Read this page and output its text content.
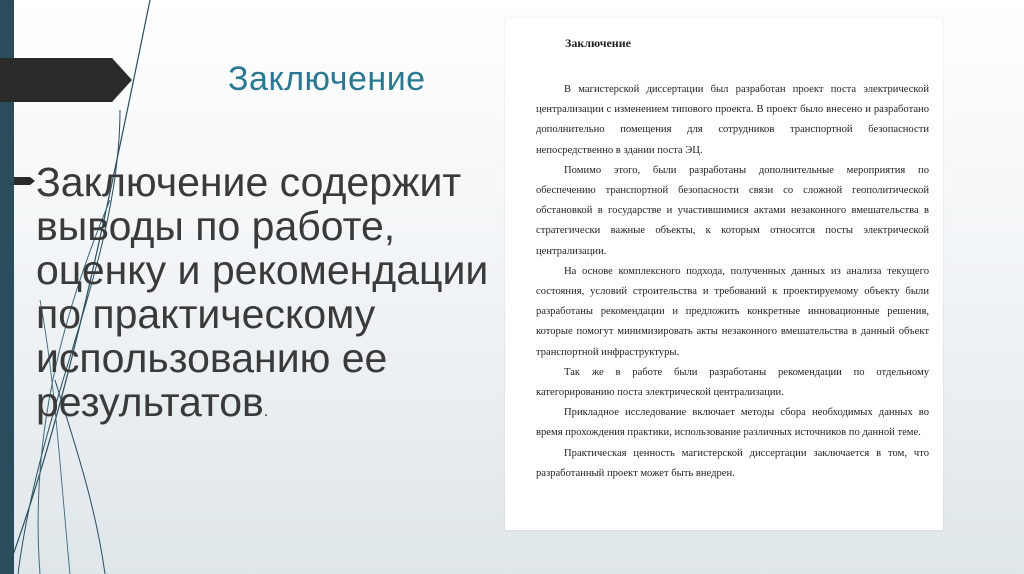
Заключение
Заключение содержит выводы по работе, оценку и рекомендации по практическому использованию ее результатов.
Заключение

В магистерской диссертации был разработан проект поста электрической централизации с изменением типового проекта. В проект было внесено и разработано дополнительно помещения для сотрудников транспортной безопасности непосредственно в здании поста ЭЦ.

Помимо этого, были разработаны дополнительные мероприятия по обеспечению транспортной безопасности связи со сложной геополитической обстановкой в государстве и участившимися актами незаконного вмешательства в стратегически важные объекты, к которым относятся посты электрической централизации.

На основе комплексного подхода, полученных данных из анализа текущего состояния, условий строительства и требований к проектируемому объекту были разработаны рекомендации и предложить конкретные инновационные решения, которые помогут минимизировать акты незаконного вмешательства в данный объект транспортной инфраструктуры.

Так же в работе были разработаны рекомендации по отдельному категорированию поста электрической централизации.

Прикладное исследование включает методы сбора необходимых данных во время прохождения практики, использование различных источников по данной теме.

Практическая ценность магистерской диссертации заключается в том, что разработанный проект может быть внедрен.
